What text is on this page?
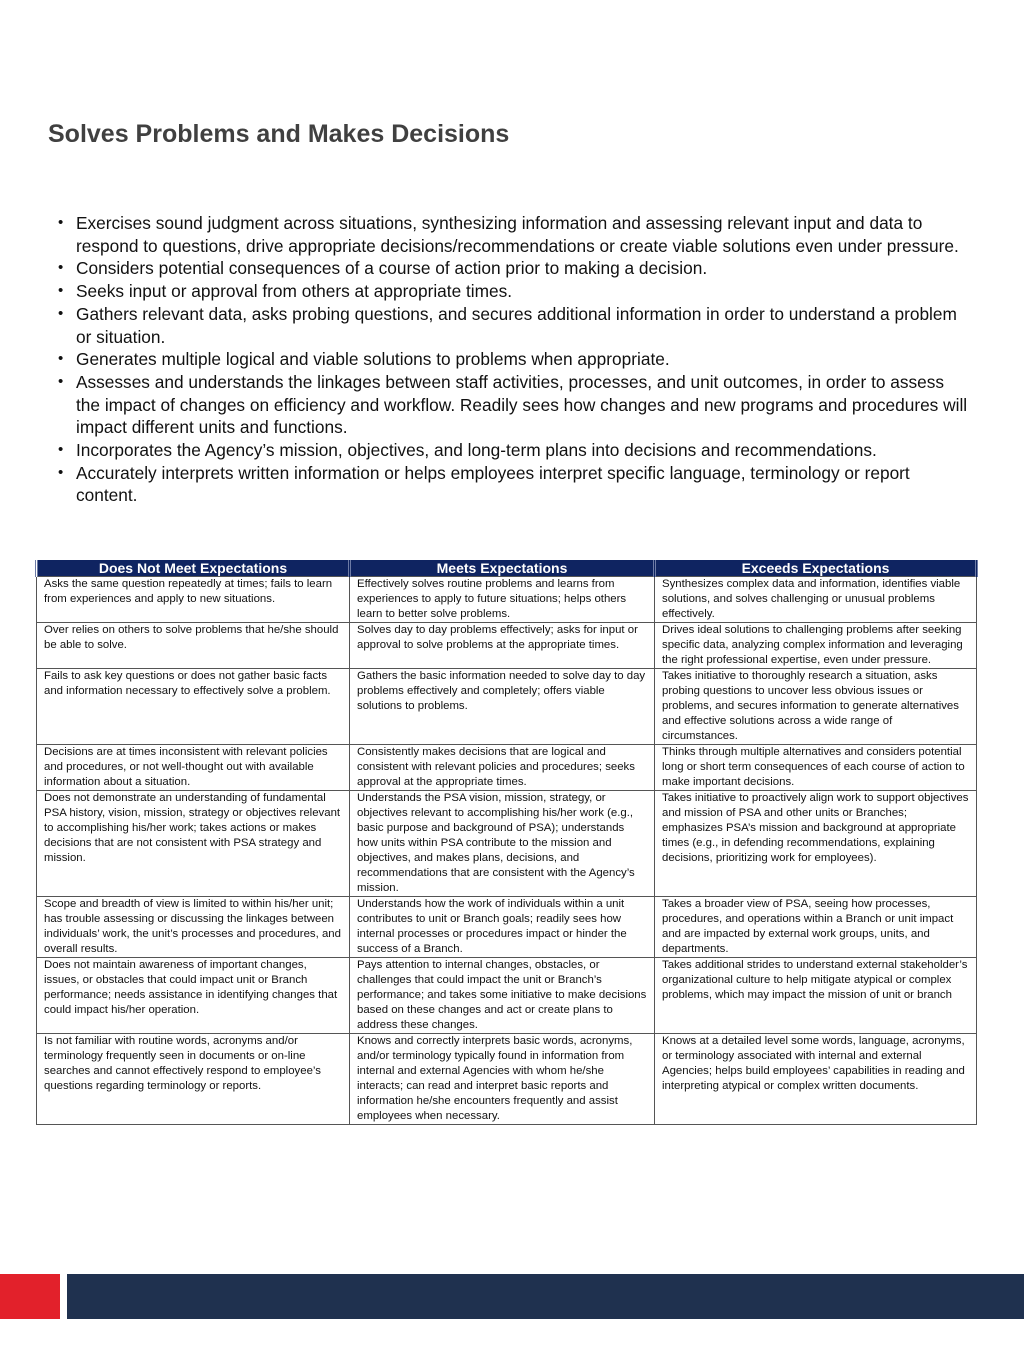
Solves Problems and Makes Decisions
• Exercises sound judgment across situations, synthesizing information and assessing relevant input and data to respond to questions, drive appropriate decisions/recommendations or create viable solutions even under pressure.
• Considers potential consequences of a course of action prior to making a decision.
• Seeks input or approval from others at appropriate times.
• Gathers relevant data, asks probing questions, and secures additional information in order to understand a problem or situation.
• Generates multiple logical and viable solutions to problems when appropriate.
• Assesses and understands the linkages between staff activities, processes, and unit outcomes, in order to assess the impact of changes on efficiency and workflow. Readily sees how changes and new programs and procedures will impact different units and functions.
• Incorporates the Agency’s mission, objectives, and long-term plans into decisions and recommendations.
• Accurately interprets written information or helps employees interpret specific language, terminology or report content.
Does Not Meet Expectations	Meets Expectations	Exceeds Expectations
Asks the same question repeatedly at times; fails to learn from experiences and apply to new situations.	Effectively solves routine problems and learns from experiences to apply to future situations; helps others learn to better solve problems.	Synthesizes complex data and information, identifies viable solutions, and solves challenging or unusual problems effectively.
Over relies on others to solve problems that he/she should be able to solve.	Solves day to day problems effectively; asks for input or approval to solve problems at the appropriate times.	Drives ideal solutions to challenging problems after seeking specific data, analyzing complex information and leveraging the right professional expertise, even under pressure.
Fails to ask key questions or does not gather basic facts and information necessary to effectively solve a problem.	Gathers the basic information needed to solve day to day problems effectively and completely; offers viable solutions to problems.	Takes initiative to thoroughly research a situation, asks probing questions to uncover less obvious issues or problems, and secures information to generate alternatives and effective solutions across a wide range of circumstances.
Decisions are at times inconsistent with relevant policies and procedures, or not well-thought out with available information about a situation.	Consistently makes decisions that are logical and consistent with relevant policies and procedures; seeks approval at the appropriate times.	Thinks through multiple alternatives and considers potential long or short term consequences of each course of action to make important decisions.
Does not demonstrate an understanding of fundamental PSA history, vision, mission, strategy or objectives relevant to accomplishing his/her work; takes actions or makes decisions that are not consistent with PSA strategy and mission.	Understands the PSA vision, mission, strategy, or objectives relevant to accomplishing his/her work (e.g., basic purpose and background of PSA); understands how units within PSA contribute to the mission and objectives, and makes plans, decisions, and recommendations that are consistent with the Agency’s mission.	Takes initiative to proactively align work to support objectives and mission of PSA and other units or Branches; emphasizes PSA’s mission and background at appropriate times (e.g., in defending recommendations, explaining decisions, prioritizing work for employees).
Scope and breadth of view is limited to within his/her unit; has trouble assessing or discussing the linkages between individuals’ work, the unit’s processes and procedures, and overall results.	Understands how the work of individuals within a unit contributes to unit or Branch goals; readily sees how internal processes or procedures impact or hinder the success of a Branch.	Takes a broader view of PSA, seeing how processes, procedures, and operations within a Branch or unit impact and are impacted by external work groups, units, and departments.
Does not maintain awareness of important changes, issues, or obstacles that could impact unit or Branch performance; needs assistance in identifying changes that could impact his/her operation.	Pays attention to internal changes, obstacles, or challenges that could impact the unit or Branch’s performance; and takes some initiative to make decisions based on these changes and act or create plans to address these changes.	Takes additional strides to understand external stakeholder’s organizational culture to help mitigate atypical or complex problems, which may impact the mission of unit or branch
Is not familiar with routine words, acronyms and/or terminology frequently seen in documents or on-line searches and cannot effectively respond to employee’s questions regarding terminology or reports.	Knows and correctly interprets basic words, acronyms, and/or terminology typically found in information from internal and external Agencies with whom he/she interacts; can read and interpret basic reports and information he/she encounters frequently and assist employees when necessary.	Knows at a detailed level some words, language, acronyms, or terminology associated with internal and external Agencies; helps build employees’ capabilities in reading and interpreting atypical or complex written documents.
